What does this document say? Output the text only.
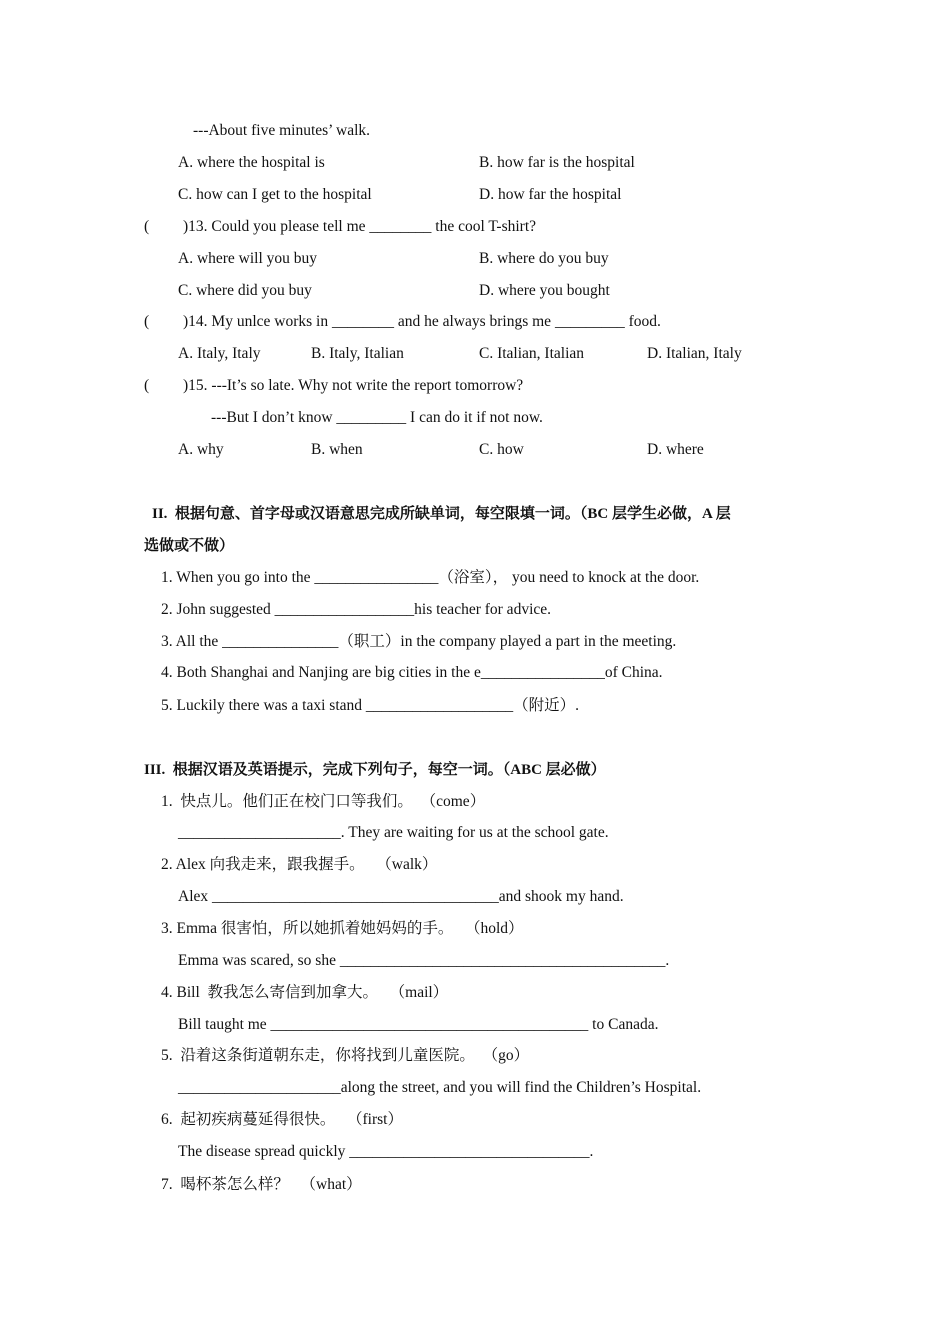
---About five minutes’ walk.
A. where the hospital is	B. how far is the hospital
C. how can I get to the hospital	D. how far the hospital
( )13. Could you please tell me ________ the cool T-shirt?
A. where will you buy	B. where do you buy
C. where did you buy	D. where you bought
( )14. My unlce works in ________ and he always brings me _________ food.
A. Italy, Italy	B. Italy, Italian	C. Italian, Italian	D. Italian, Italy
( )15. ---It’s so late. Why not write the report tomorrow?
---But I don’t know _________ I can do it if not now.
A. why	B. when	C. how	D. where
II.  根据句意、首字母或汉语意思完成所缺单词，每空限填一词。（BC 层学生必做，A 层
选做或不做）
1. When you go into the ________________（浴室）， you need to knock at the door.
2. John suggested __________________his teacher for advice.
3. All the _______________（职工）in the company played a part in the meeting.
4. Both Shanghai and Nanjing are big cities in the e________________of China.
5. Luckily there was a taxi stand ___________________（附近）.
III.  根据汉语及英语提示，完成下列句子，每空一词。（ABC 层必做）
1.  快点儿。他们正在校门口等我们。  （come）
_____________________. They are waiting for us at the school gate.
2. Alex 向我走来，跟我握手。   （walk）
Alex _____________________________________and shook my hand.
3. Emma 很害怕，所以她抓着她妈妈的手。   （hold）
Emma was scared, so she __________________________________________.
4. Bill  教我怎么寄信到加拿大。   （mail）
Bill taught me _________________________________________ to Canada.
5.  沿着这条街道朝东走，你将找到儿童医院。  （go）
_____________________along the street, and you will find the Children’s Hospital.
6.  起初疾病蔓延得很快。   （first）
The disease spread quickly _______________________________.
7.  喝杯茶怎么样？   （what）
